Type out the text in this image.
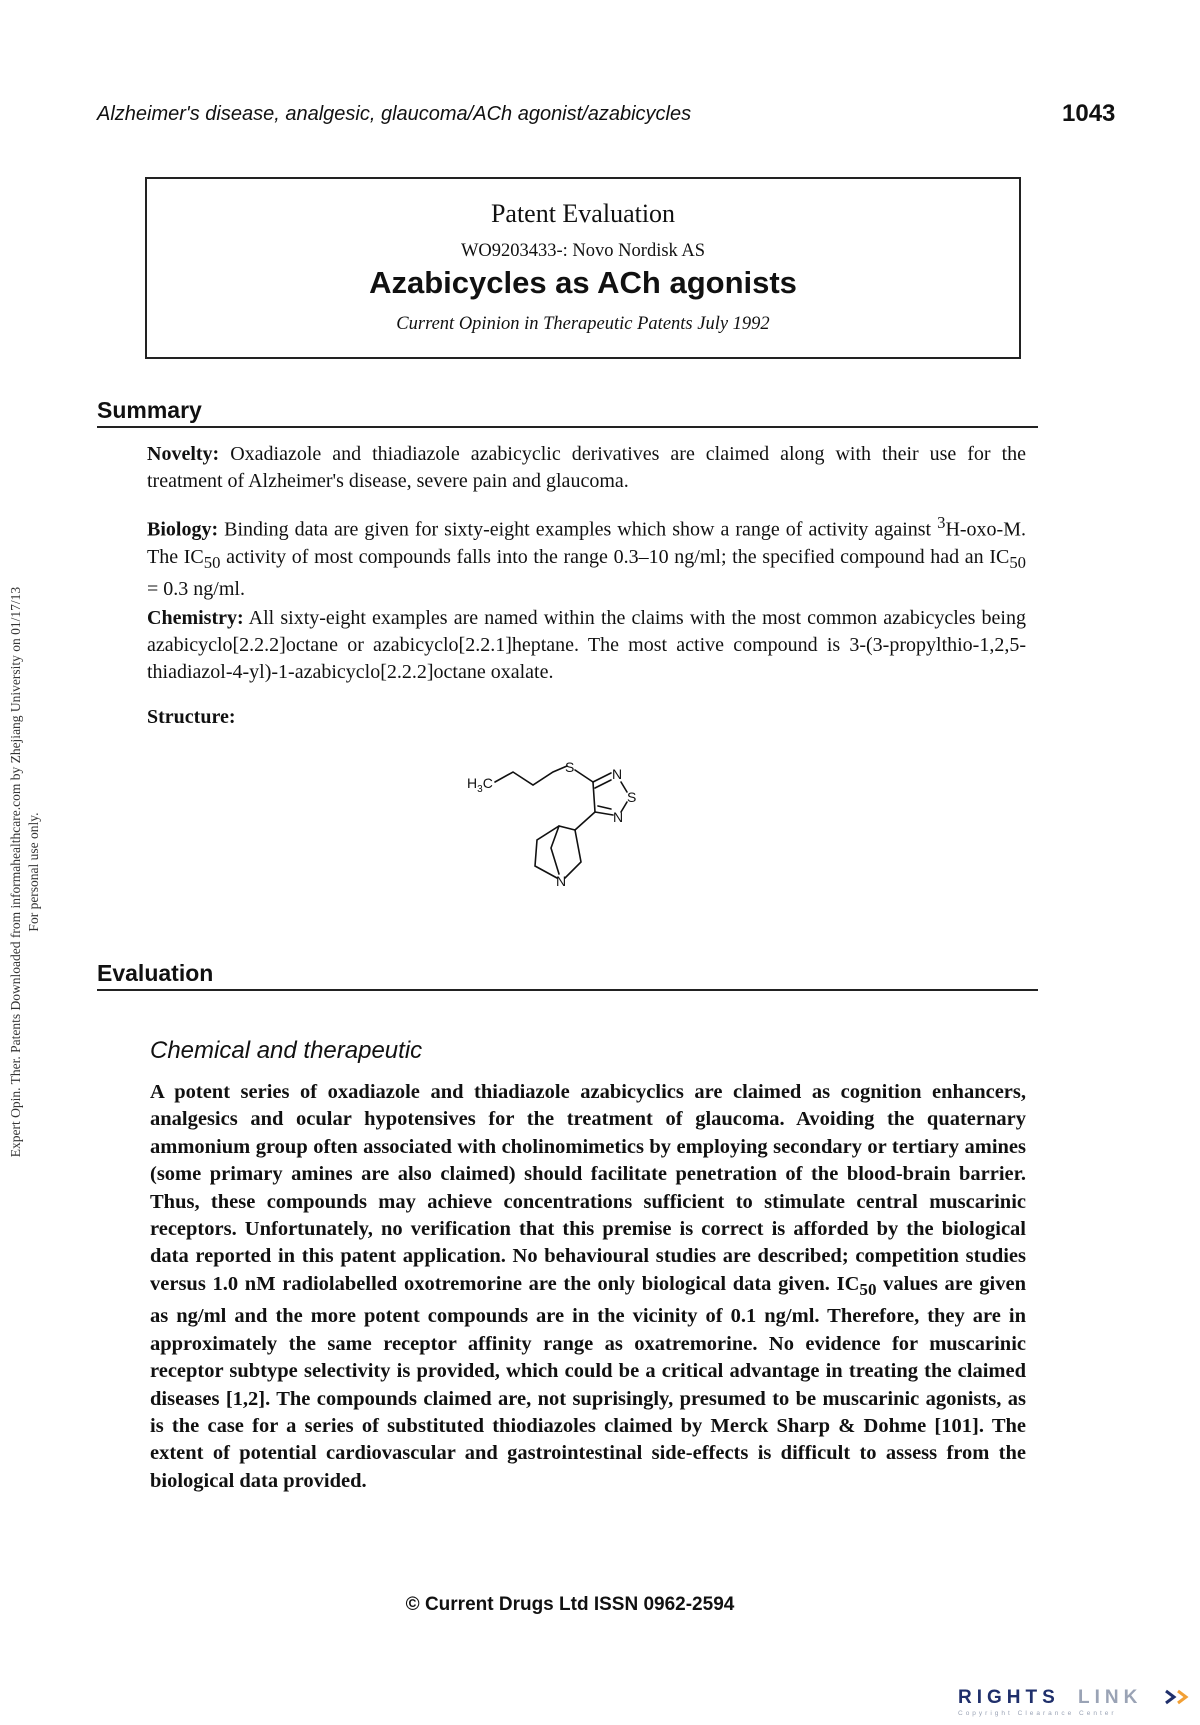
Alzheimer's disease, analgesic, glaucoma/ACh agonist/azabicycles	1043
Expert Opin. Ther. Patents Downloaded from informahealthcare.com by Zhejiang University on 01/17/13 For personal use only.
Patent Evaluation
WO9203433-: Novo Nordisk AS
Azabicycles as ACh agonists
Current Opinion in Therapeutic Patents July 1992
Summary
Novelty: Oxadiazole and thiadiazole azabicyclic derivatives are claimed along with their use for the treatment of Alzheimer's disease, severe pain and glaucoma.
Biology: Binding data are given for sixty-eight examples which show a range of activity against $^3$H-oxo-M. The $IC_{50}$ activity of most compounds falls into the range 0.3–10 ng/ml; the specified compound had an $IC_{50} = 0.3$ ng/ml.
Chemistry: All sixty-eight examples are named within the claims with the most common azabicycles being azabicyclo[2.2.2]octane or azabicyclo[2.2.1]heptane. The most active compound is 3-(3-propylthio-1,2,5-thiadiazol-4-yl)-1-azabicyclo[2.2.2]octane oxalate.
Structure:
$H_3C$
S	N
S
N
N
Evaluation
Chemical and therapeutic
A potent series of oxadiazole and thiadiazole azabicyclics are claimed as cognition enhancers, analgesics and ocular hypotensives for the treatment of glaucoma. Avoiding the quaternary ammonium group often associated with cholinomimetics by employing secondary or tertiary amines (some primary amines are also claimed) should facilitate penetration of the blood-brain barrier. Thus, these compounds may achieve concentrations sufficient to stimulate central muscarinic receptors. Unfortunately, no verification that this premise is correct is afforded by the biological data reported in this patent application. No behavioural studies are described; competition studies versus 1.0 nM radiolabelled oxotremorine are the only biological data given. $IC_{50}$ values are given as ng/ml and the more potent compounds are in the vicinity of 0.1 ng/ml. Therefore, they are in approximately the same receptor affinity range as oxatremorine. No evidence for muscarinic receptor subtype selectivity is provided, which could be a critical advantage in treating the claimed diseases [1,2]. The compounds claimed are, not suprisingly, presumed to be muscarinic agonists, as is the case for a series of substituted thiodiazoles claimed by Merck Sharp & Dohme [101]. The extent of potential cardiovascular and gastrointestinal side-effects is difficult to assess from the biological data provided.
© Current Drugs Ltd ISSN 0962-2594
RIGHTS LINK
Copyright Clearance Center
